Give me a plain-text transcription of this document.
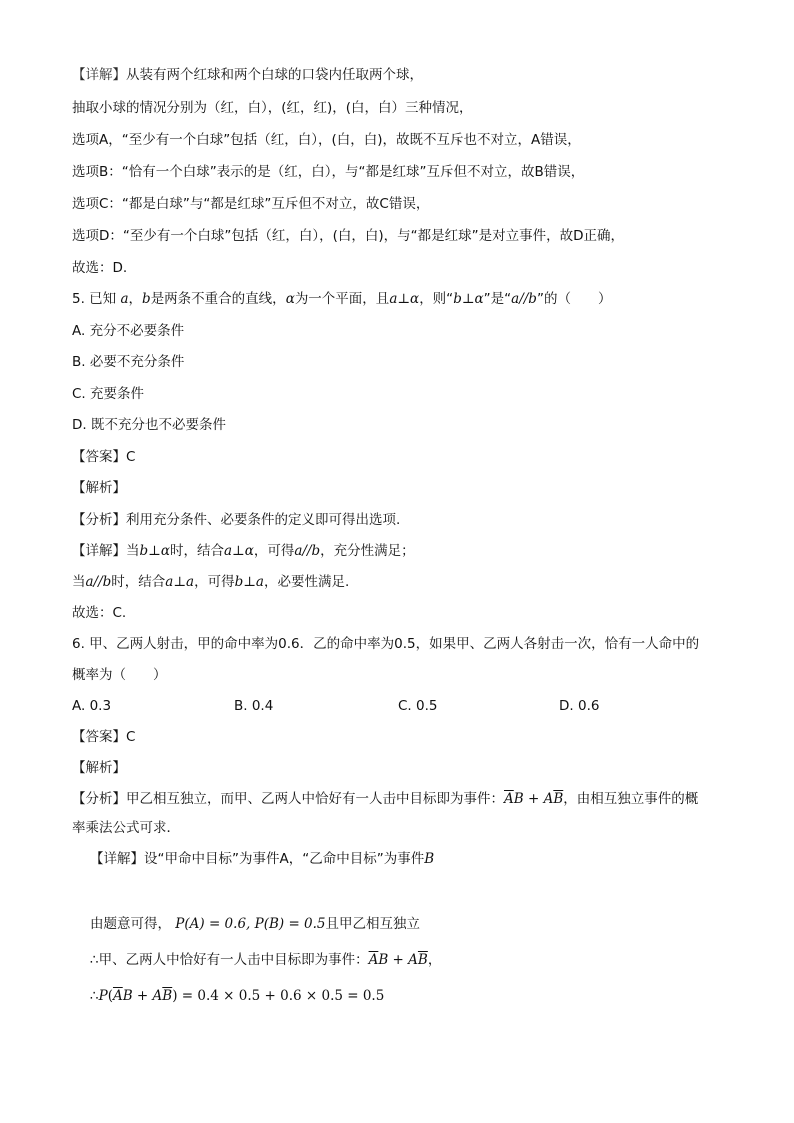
【详解】从装有两个红球和两个白球的口袋内任取两个球，
抽取小球的情况分别为（红，白），(红，红)，(白，白）三种情况，
选项A，“至少有一个白球”包括（红，白），(白，白)，故既不互斥也不对立，A错误，
选项B：“恰有一个白球”表示的是（红，白），与“都是红球”互斥但不对立，故B错误，
选项C：“都是白球”与“都是红球”互斥但不对立，故C错误，
选项D：“至少有一个白球”包括（红，白），(白，白)，与“都是红球”是对立事件，故D正确，
故选：D.
5. 已知 a，b是两条不重合的直线，α为一个平面，且a⊥α，则“b⊥α”是“a//b”的（　　）
A. 充分不必要条件
B. 必要不充分条件
C. 充要条件
D. 既不充分也不必要条件
【答案】C
【解析】
【分析】利用充分条件、必要条件的定义即可得出选项.
【详解】当b⊥α时，结合a⊥α，可得a//b，充分性满足；
当a//b时，结合a⊥a，可得b⊥a，必要性满足.
故选：C.
6. 甲、乙两人射击，甲的命中率为0.6．乙的命中率为0.5，如果甲、乙两人各射击一次，恰有一人命中的
概率为（　　）
A. 0.3	B. 0.4	C. 0.5	D. 0.6
【答案】C
【解析】
【分析】甲乙相互独立，而甲、乙两人中恰好有一人击中目标即为事件：$\overline{A}B + A\overline{B}$，由相互独立事件的概
率乘法公式可求．
【详解】设“甲命中目标”为事件A，“乙命中目标”为事件B
由题意可得， P(A) = 0.6, P(B) = 0.5且甲乙相互独立
∴甲、乙两人中恰好有一人击中目标即为事件：$\overline{A}B + A\overline{B}$，
$\therefore P(\overline{A}B + A\overline{B}) = 0.4 \times 0.5 + 0.6 \times 0.5 = 0.5$
